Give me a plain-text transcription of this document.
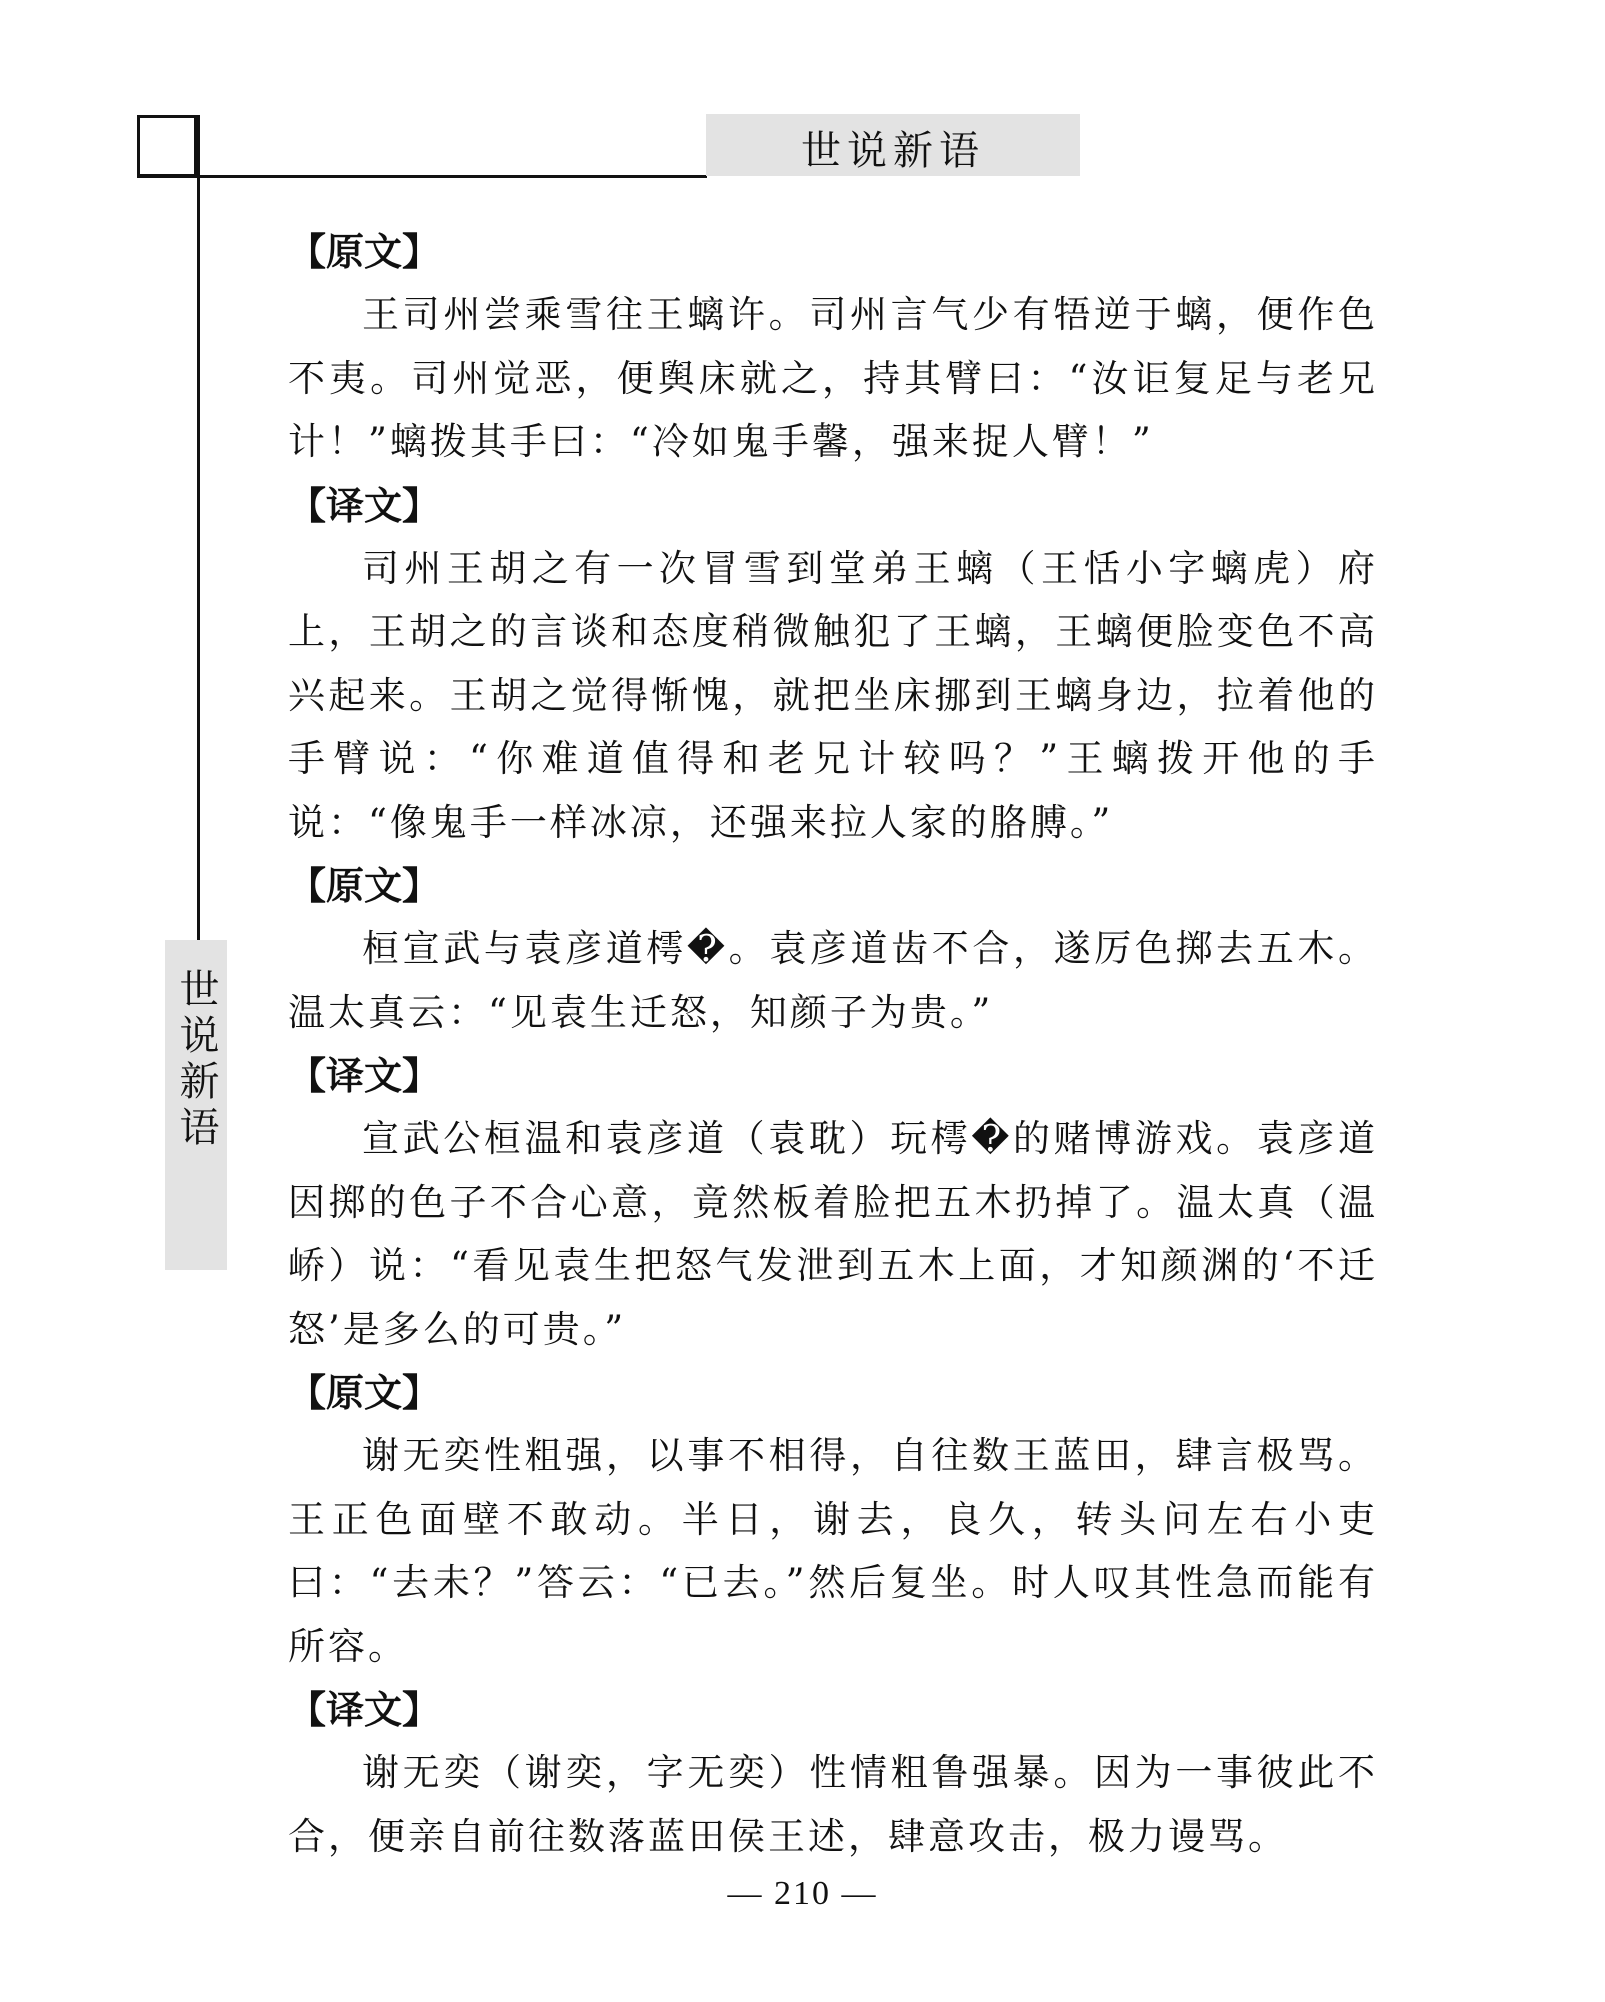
世说新语
世说新语

【原文】

王司州尝乘雪往王螭许。司州言气少有牾逆于螭，便作色不夷。司州觉恶，便舆床就之，持其臂曰：“汝讵复足与老兄计！”螭拨其手曰：“冷如鬼手馨，强来捉人臂！”

【译文】

司州王胡之有一次冒雪到堂弟王螭（王恬小字螭虎）府上，王胡之的言谈和态度稍微触犯了王螭，王螭便脸变色不高兴起来。王胡之觉得惭愧，就把坐床挪到王螭身边，拉着他的手臂说：“你难道值得和老兄计较吗？”王螭拨开他的手说：“像鬼手一样冰凉，还强来拉人家的胳膊。”

【原文】

桓宣武与袁彦道樗�。袁彦道齿不合，遂厉色掷去五木。温太真云：“见袁生迁怒，知颜子为贵。”

【译文】

宣武公桓温和袁彦道（袁耽）玩樗�的赌博游戏。袁彦道因掷的色子不合心意，竟然板着脸把五木扔掉了。温太真（温峤）说：“看见袁生把怒气发泄到五木上面，才知颜渊的‘不迁怒’是多么的可贵。”

【原文】

谢无奕性粗强，以事不相得，自往数王蓝田，肆言极骂。王正色面壁不敢动。半日，谢去，良久，转头问左右小吏曰：“去未？”答云：“已去。”然后复坐。时人叹其性急而能有所容。

【译文】

谢无奕（谢奕，字无奕）性情粗鲁强暴。因为一事彼此不合，便亲自前往数落蓝田侯王述，肆意攻击，极力谩骂。

— 210 —
